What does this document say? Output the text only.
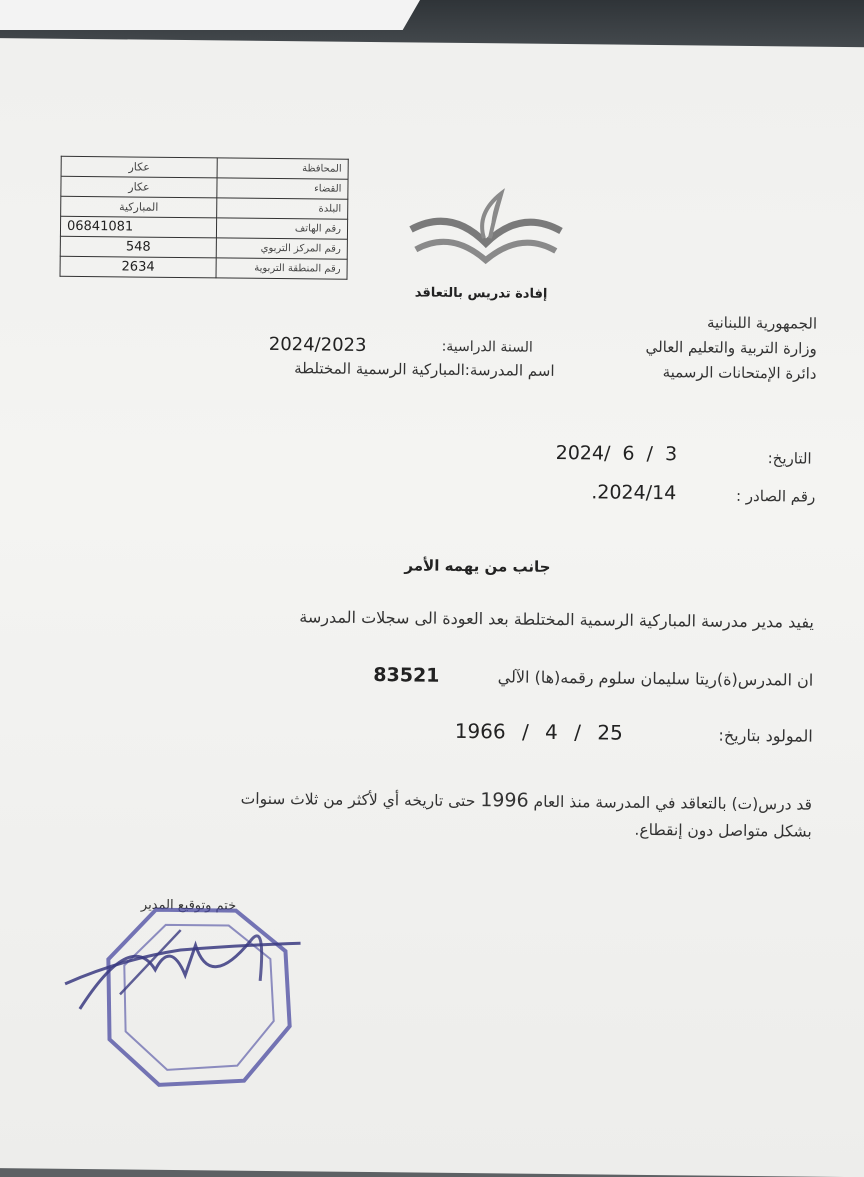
عكار	المحافظة
عكار	القضاء
المباركية	البلدة
06841081	رقم الهاتف
548	رقم المركز التربوي
2634	رقم المنطقة التربوية
إفادة تدريس بالتعاقد
الجمهورية اللبنانية
وزارة التربية والتعليم العالي
دائرة الإمتحانات الرسمية
السنة الدراسية:
2024/2023
اسم المدرسة:المباركية الرسمية المختلطة
التاريخ:
2024/ 6 / 3
رقم الصادر :
.2024/14
جانب من يهمه الأمر
يفيد مدير مدرسة المباركية الرسمية المختلطة بعد العودة الى سجلات المدرسة
ان المدرس(ة)ريتا سليمان سلوم رقمه(ها) الآلي
83521
المولود بتاريخ:
1966 / 4 / 25
قد درس(ت) بالتعاقد في المدرسة منذ العام 1996 حتى تاريخه أي لأكثر من ثلاث سنوات
بشكل متواصل دون إنقطاع.
ختم وتوقيع المدير
